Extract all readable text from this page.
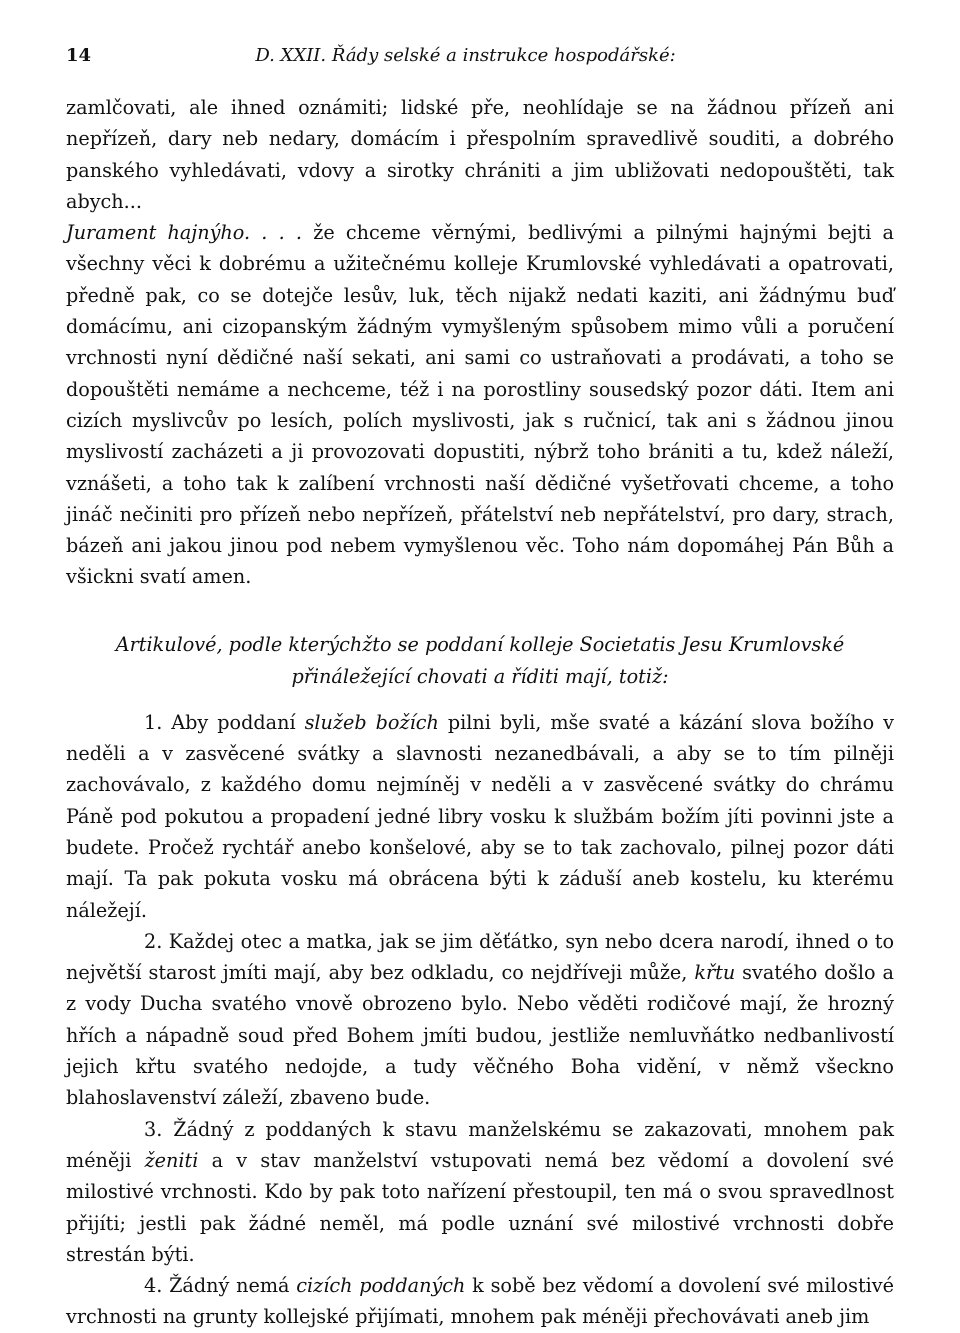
14	D. XXII. Řády selské a instrukce hospodářské:

zamlčovati, ale ihned oznámiti; lidské pře, neohlídaje se na žádnou přízeň ani nepřízeň, dary neb nedary, domácím i přespolním spravedlivě souditi, a dobrého panského vyhledávati, vdovy a sirotky chrániti a jim ubližovati nedopouštěti, tak abych...
Jurament hajnýho. . . . že chceme věrnými, bedlivými a pilnými hajnými bejti a všechny věci k dobrému a užitečnému kolleje Krumlovské vyhledávati a opatrovati, předně pak, co se dotejče lesův, luk, těch nijakž nedati kaziti, ani žádnýmu buď domácímu, ani cizopanským žádným vymyšleným spůsobem mimo vůli a poručení vrchnosti nyní dědičné naší sekati, ani sami co ustraňovati a prodávati, a toho se dopouštěti nemáme a nechceme, též i na porostliny sousedský pozor dáti. Item ani cizích myslivcův po lesích, polích myslivosti, jak s ručnicí, tak ani s žádnou jinou myslivostí zacházeti a ji provozovati dopustiti, nýbrž toho brániti a tu, kdež náleží, vznášeti, a toho tak k zalíbení vrchnosti naší dědičné vyšetřovati chceme, a toho jináč nečiniti pro přízeň nebo nepřízeň, přátelství neb nepřátelství, pro dary, strach, bázeň ani jakou jinou pod nebem vymyšlenou věc. Toho nám dopomáhej Pán Bůh a všickni svatí amen.

Artikulové, podle kterýchžto se poddaní kolleje Societatis Jesu Krumlovské přináležející chovati a říditi mají, totiž:

1. Aby poddaní služeb božích pilni byli, mše svaté a kázání slova božího v neděli a v zasvěcené svátky a slavnosti nezanedbávali, a aby se to tím pilněji zachovávalo, z každého domu nejmíněj v neděli a v zasvěcené svátky do chrámu Páně pod pokutou a propadení jedné libry vosku k službám božím jíti povinni jste a budete. Pročež rychtář anebo konšelové, aby se to tak zachovalo, pilnej pozor dáti mají. Ta pak pokuta vosku má obrácena býti k záduší aneb kostelu, ku kterému náležejí.

2. Každej otec a matka, jak se jim děťátko, syn nebo dcera narodí, ihned o to největší starost jmíti mají, aby bez odkladu, co nejdříveji může, křtu svatého došlo a z vody Ducha svatého vnově obrozeno bylo. Nebo věděti rodičové mají, že hrozný hřích a nápadně soud před Bohem jmíti budou, jestliže nemluvňátko nedbanlivostí jejich křtu svatého nedojde, a tudy věčného Boha vidění, v němž všeckno blahoslavenství záleží, zbaveno bude.

3. Žádný z poddaných k stavu manželskému se zakazovati, mnohem pak méněji ženiti a v stav manželství vstupovati nemá bez vědomí a dovolení své milostivé vrchnosti. Kdo by pak toto nařízení přestoupil, ten má o svou spravedlnost přijíti; jestli pak žádné neměl, má podle uznání své milostivé vrchnosti dobře strestán býti.

4. Žádný nemá cizích poddaných k sobě bez vědomí a dovolení své milostivé vrchnosti na grunty kollejské přijímati, mnohem pak méněji přechovávati aneb jim
